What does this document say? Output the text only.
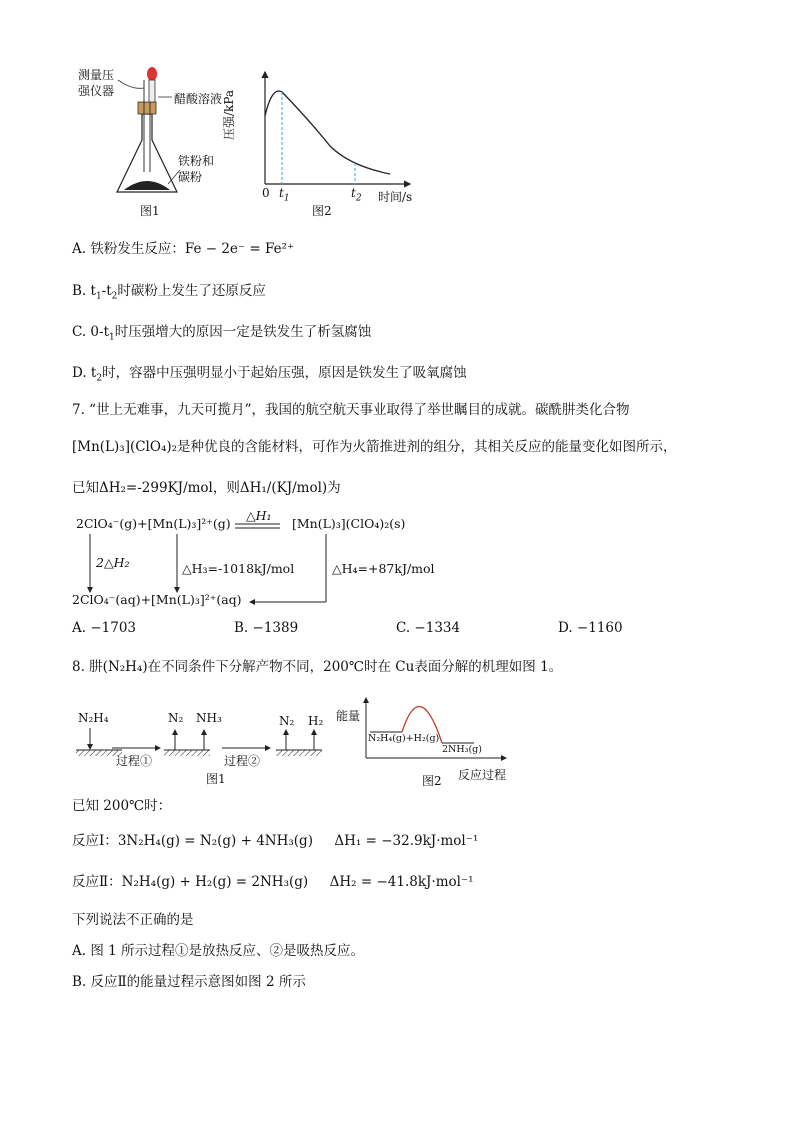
测量压
强仪器
醋酸溶液
铁粉和
碳粉
图1
压强/kPa
0 $t_1$	$t_2$ 时间/s
图2
A. 铁粉发生反应：Fe − 2e⁻ = Fe²⁺
B. $t_1-t_2$时碳粉上发生了还原反应
C. $0-t_1$时压强增大的原因一定是铁发生了析氢腐蚀
D. $t_2$时，容器中压强明显小于起始压强，原因是铁发生了吸氧腐蚀
7. “世上无难事，九天可揽月”，我国的航空航天事业取得了举世瞩目的成就。碳酰肼类化合物
[Mn(L)₃](ClO₄)₂是种优良的含能材料，可作为火箭推进剂的组分，其相关反应的能量变化如图所示，
已知ΔH₂=-299KJ/mol，则ΔH₁/(KJ/mol)为
2ClO₄⁻(g)+[Mn(L)₃]²⁺(g)
△H₁
[Mn(L)₃](ClO₄)₂(s)
2△H₂	△H₃=-1018kJ/mol	△H₄=+87kJ/mol
2ClO₄⁻(aq)+[Mn(L)₃]²⁺(aq)
A. −1703	B. −1389	C. −1334	D. −1160
8. 肼(N₂H₄)在不同条件下分解产物不同，200℃时在 Cu表面分解的机理如图 1。
N₂H₄	N₂ NH₃	N₂ H₂
过程①	过程②
图1
能量
N₂H₄(g)+H₂(g)
2NH₃(g)
反应过程
图2
已知 200℃时：
反应Ⅰ：3N₂H₄(g) = N₂(g) + 4NH₃(g)     ΔH₁ = −32.9kJ·mol⁻¹
反应Ⅱ：N₂H₄(g) + H₂(g) = 2NH₃(g)     ΔH₂ = −41.8kJ·mol⁻¹
下列说法不正确的是
A. 图 1 所示过程①是放热反应、②是吸热反应。
B. 反应Ⅱ的能量过程示意图如图 2 所示
